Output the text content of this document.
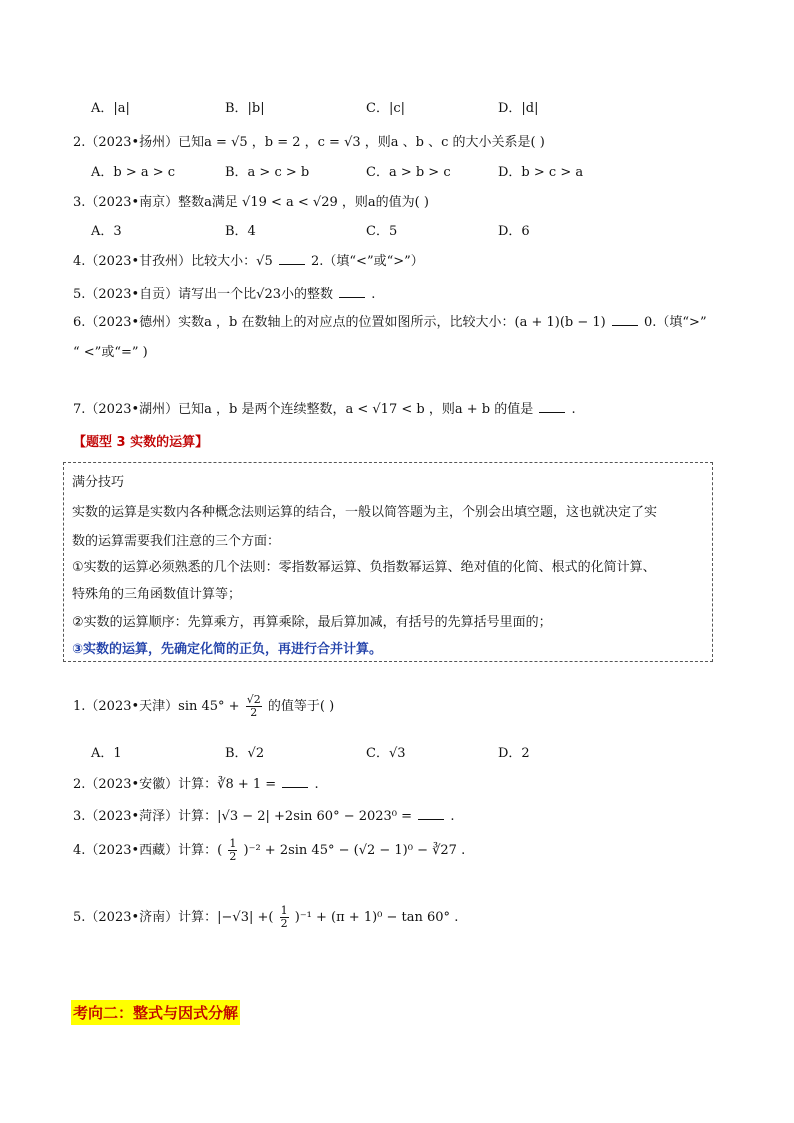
A．|a|	B．|b|	C．|c|	D．|d|
2.（2023•扬州）已知a = √5 ，b = 2 ，c = √3 ，则a 、b 、c 的大小关系是( )
A．b > a > c	B．a > c > b	C．a > b > c	D．b > c > a
3.（2023•南京）整数a满足 √19 < a < √29 ，则a的值为( )
A．3	B．4	C．5	D．6
4.（2023•甘孜州）比较大小：√5	2.（填“<”或“>”）
5.（2023•自贡）请写出一个比√23小的整数	.
6.（2023•德州）实数a ，b 在数轴上的对应点的位置如图所示，比较大小：(a + 1)(b − 1)	0.（填“>”
“ <”或“=” )
7.（2023•湖州）已知a ，b 是两个连续整数，a < √17 < b ，则a + b 的值是	.
【题型 3 实数的运算】
满分技巧
实数的运算是实数内各种概念法则运算的结合，一般以简答题为主，个别会出填空题，这也就决定了实
数的运算需要我们注意的三个方面：
①实数的运算必须熟悉的几个法则：零指数幂运算、负指数幂运算、绝对值的化简、根式的化简计算、
特殊角的三角函数值计算等；
②实数的运算顺序：先算乘方，再算乘除，最后算加减，有括号的先算括号里面的；
③实数的运算，先确定化简的正负，再进行合并计算。
1.（2023•天津）sin $45^\circ + \frac{√2}{2}$ 的值等于( )
A．1	B．√2	C．√3	D．2
2.（2023•安徽）计算：∛8 + 1 =	.
3.（2023•菏泽）计算：|√3 − 2| +2sin 60° − 2023⁰ =	.
4.（2023•西藏）计算：( $\frac{1}{2} )^{-2} + 2\sin$ 45° − (√2 − 1)⁰ − ∛27 .
5.（2023•济南）计算：|−√3| +( $\frac{1}{2} )^{-1} + (\pi + 1)^0 - \tan 60^\circ$ .
考向二：整式与因式分解
